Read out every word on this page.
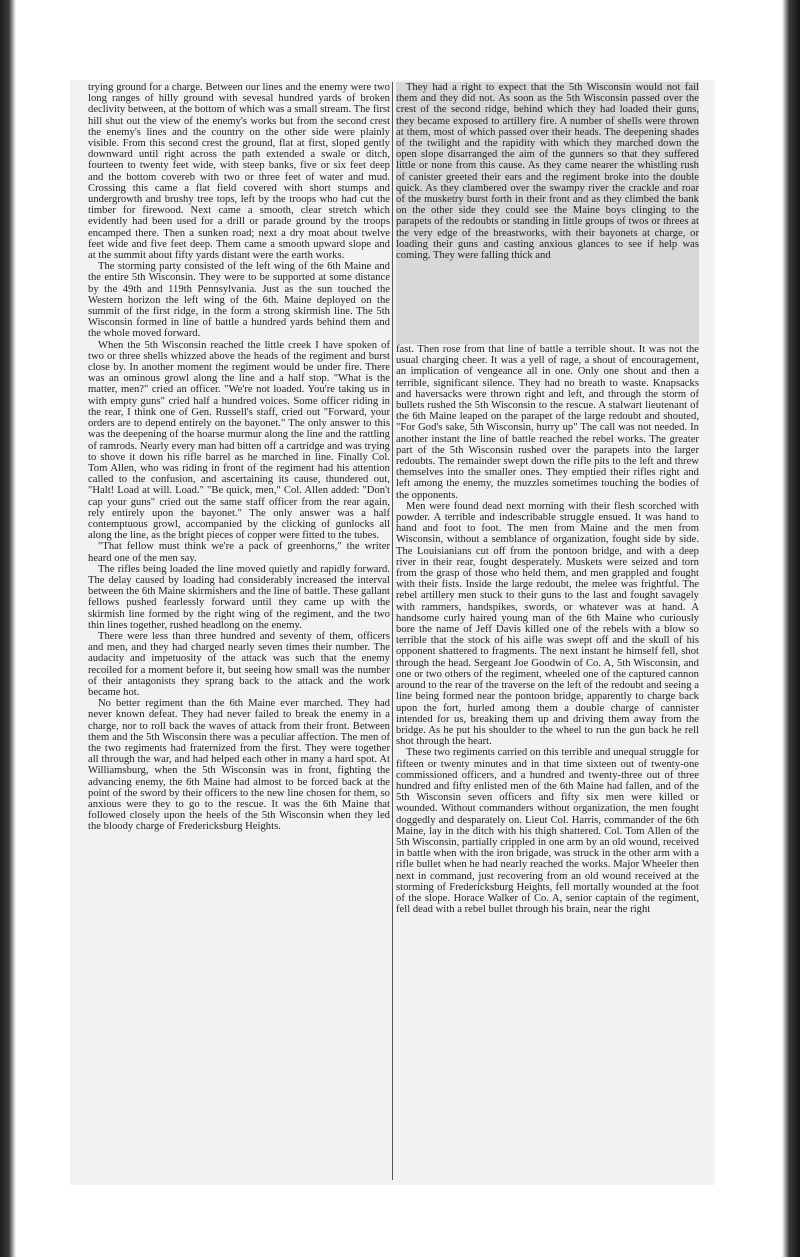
trying ground for a charge. Between our lines and the enemy were two long ranges of hilly ground with sevesal hundred yards of broken declivity between, at the bottom of which was a small stream. The first hill shut out the view of the enemy's works but from the second crest the enemy's lines and the country on the other side were plainly visible. From this second crest the ground, flat at first, sloped gently downward until right across the path extended a swale or ditch, fourteen to twenty feet wide, with steep banks, five or six feet deep and the bottom covereb with two or three feet of water and mud. Crossing this came a flat field covered with short stumps and undergrowth and brushy tree tops, left by the troops who had cut the timber for firewood. Next came a smooth, clear stretch which evidently had been used for a drill or parade ground by the troops encamped there. Then a sunken road; next a dry moat about twelve feet wide and five feet deep. Them came a smooth upward slope and at the summit about fifty yards distant were the earth works.

The storming party consisted of the left wing of the 6th Maine and the entire 5th Wisconsin. They were to be supported at some distance by the 49th and 119th Pennsylvania. Just as the sun touched the Western horizon the left wing of the 6th. Maine deployed on the summit of the first ridge, in the form a strong skirmish line. The 5th Wisconsin formed in line of battle a hundred yards behind them and the whole moved forward.

When the 5th Wisconsin reached the little creek I have spoken of two or three shells whizzed above the heads of the regiment and burst close by. In another moment the regiment would be under fire. There was an ominous growl along the line and a half stop. "What is the matter, men?" cried an officer. "We're not loaded. You're taking us in with empty guns" cried half a hundred voices. Some officer riding in the rear, I think one of Gen. Russell's staff, cried out "Forward, your orders are to depend entirely on the bayonet." The only answer to this was the deepening of the hoarse murmur along the line and the rattling of ramrods. Nearly every man had bitten off a cartridge and was trying to shove it down his rifle barrel as he marched in line. Finally Col. Tom Allen, who was riding in front of the regiment had his attention called to the confusion, and ascertaining its cause, thundered out, "Halt! Load at will. Load." "Be quick, men," Col. Allen added: "Don't cap your guns" cried out the same staff officer from the rear again, rely entirely upon the bayonet." The only answer was a half contemptuous growl, accompanied by the clicking of gunlocks all along the line, as the bright pieces of copper were fitted to the tubes.

"That fellow must think we're a pack of greenhorns," the writer heard one of the men say.

The rifles being loaded the line moved quietly and rapidly forward. The delay caused by loading had considerably increased the interval between the 6th Maine skirmishers and the line of battle. These gallant fellows pushed fearlessly forward until they came up with the skirmish line formed by the right wing of the regiment, and the two thin lines together, rushed headlong on the enemy.

There were less than three hundred and seventy of them, officers and men, and they had charged nearly seven times their number. The audacity and impetuosity of the attack was such that the enemy recoiled for a moment before it, but seeing how small was the number of their antagonists they sprang back to the attack and the work became hot.

No better regiment than the 6th Maine ever marched. They had never known defeat. They had never failed to break the enemy in a charge, nor to roll back the waves of attack from their front. Between them and the 5th Wisconsin there was a peculiar affection. The men of the two regiments had fraternized from the first. They were together all through the war, and had helped each other in many a hard spot. At Williamsburg, when the 5th Wisconsin was in front, fighting the advancing enemy, the 6th Maine had almost to be forced back at the point of the sword by their officers to the new line chosen for them, so anxious were they to go to the rescue. It was the 6th Maine that followed closely upon the heels of the 5th Wisconsin when they led the bloody charge of Fredericksburg Heights.

They had a right to expect that the 5th Wisconsin would not fail them and they did not. As soon as the 5th Wisconsin passed over the crest of the second ridge, behind which they had loaded their guns, they became exposed to artillery fire. A number of shells were thrown at them, most of which passed over their heads. The deepening shades of the twilight and the rapidity with which they marched down the open slope disarranged the aim of the gunners so that they suffered little or none from this cause. As they came nearer the whistling rush of canister greeted their ears and the regiment broke into the double quick. As they clambered over the swampy river the crackle and roar of the musketry burst forth in their front and as they climbed the bank on the other side they could see the Maine boys clinging to the parapets of the redoubts or standing in little groups of twos or threes at the very edge of the breastworks, with their bayonets at charge, or loading their guns and casting anxious glances to see if help was coming. They were falling thick and

fast. Then rose from that line of battle a terrible shout. It was not the usual charging cheer. It was a yell of rage, a shout of encouragement, an implication of vengeance all in one. Only one shout and then a terrible, significant silence. They had no breath to waste. Knapsacks and haversacks were thrown right and left, and through the storm of bullets rushed the 5th Wisconsin to the rescue. A stalwart lieutenant of the 6th Maine leaped on the parapet of the large redoubt and shouted, "For God's sake, 5th Wisconsin, hurry up" The call was not needed. In another instant the line of battle reached the rebel works. The greater part of the 5th Wisconsin rushed over the parapets into the larger redoubts. The remainder swept down the rifle pits to the left and threw themselves into the smaller ones. They emptied their rifles right and left among the enemy, the muzzles sometimes touching the bodies of the opponents.

Men were found dead next morning with their flesh scorched with powder. A terrible and indescribable struggle ensued. It was hand to hand and foot to foot. The men from Maine and the men from Wisconsin, without a semblance of organization, fought side by side. The Louisianians cut off from the pontoon bridge, and with a deep river in their rear, fought desperately. Muskets were seized and torn from the grasp of those who held them, and men grappled and fought with their fists. Inside the large redoubt, the melee was frightful. The rebel artillery men stuck to their guns to the last and fought savagely with rammers, handspikes, swords, or whatever was at hand. A handsome curly haired young man of the 6th Maine who curiously bore the name of Jeff Davis killed one of the rebels with a blow so terrible that the stock of his aifle was swept off and the skull of his opponent shattered to fragments. The next instant he himself fell, shot through the head. Sergeant Joe Goodwin of Co. A, 5th Wisconsin, and one or two others of the regiment, wheeled one of the captured cannon around to the rear of the traverse on the left of the redoubt and seeing a line being formed near the pontoon bridge, apparently to charge back upon the fort, hurled among them a double charge of cannister intended for us, breaking them up and driving them away from the bridge. As he put his shoulder to the wheel to run the gun back he rell shot through the heart.

These two regiments carried on this terrible and unequal struggle for fifteen or twenty minutes and in that time sixteen out of twenty-one commissioned officers, and a hundred and twenty-three out of three hundred and fifty enlisted men of the 6th Maine had fallen, and of the 5th Wisconsin seven officers and fifty six men were killed or wounded. Without commanders without organization, the men fought doggedly and desparately on. Lieut Col. Harris, commander of the 6th Maine, lay in the ditch with his thigh shattered. Col. Tom Allen of the 5th Wisconsin, partially crippled in one arm by an old wound, received in battle when with the iron brigade, was struck in the other arm with a rifle bullet when he had nearly reached the works. Major Wheeler then next in command, just recovering from an old wound received at the storming of Fredericksburg Heights, fell mortally wounded at the foot of the slope. Horace Walker of Co. A, senior captain of the regiment, fell dead with a rebel bullet through his brain, near the right
